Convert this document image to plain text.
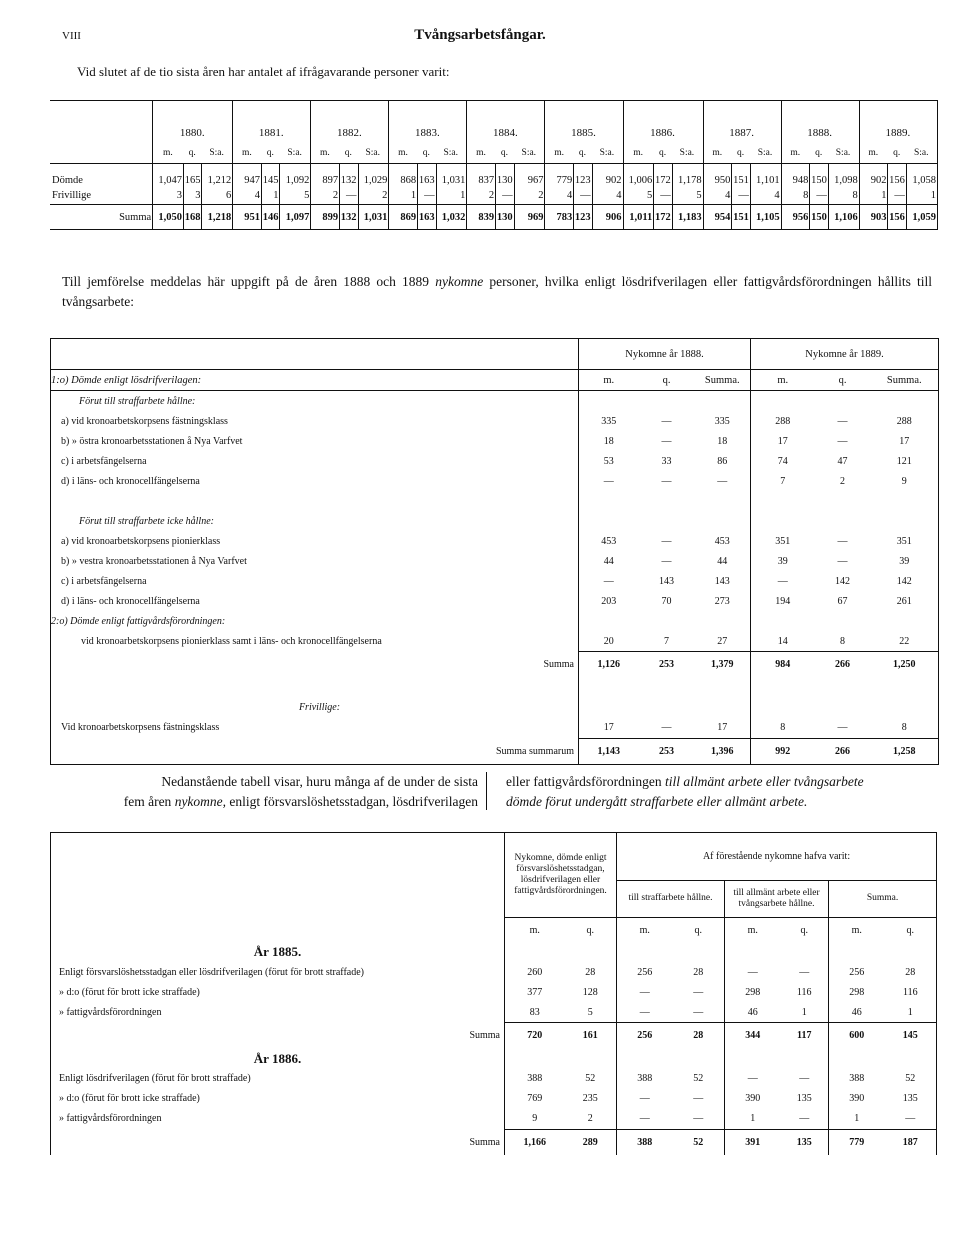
VIII	Tvångsarbetsfångar.
Vid slutet af de tio sista åren har antalet af ifrågavarande personer varit:
	1880.			1881.			1882.			1883.			1884.			1885.			1886.			1887.			1888.			1889.		
	m.	q.	S:a.	m.	q.	S:a.	m.	q.	S:a.	m.	q.	S:a.	m.	q.	S:a.	m.	q.	S:a.	m.	q.	S:a.	m.	q.	S:a.	m.	q.	S:a.	m.	q.	S:a.
Dömde	1,047	165	1,212	947	145	1,092	897	132	1,029	868	163	1,031	837	130	967	779	123	902	1,006	172	1,178	950	151	1,101	948	150	1,098	902	156	1,058
Frivillige	3	3	6	4	1	5	2	—	2	1	—	1	2	—	2	4	—	4	5	—	5	4	—	4	8	—	8	1	—	1
Summa	1,050	168	1,218	951	146	1,097	899	132	1,031	869	163	1,032	839	130	969	783	123	906	1,011	172	1,183	954	151	1,105	956	150	1,106	903	156	1,059
Till jemförelse meddelas här uppgift på de åren 1888 och 1889 nykomne personer, hvilka enligt lösdrifverilagen eller fattigvårdsförordningen hållits till tvångsarbete:
	Nykomne år 1888.			Nykomne år 1889.		
1:o) Dömde enligt lösdrifverilagen:	m.	q.	Summa.	m.	q.	Summa.
Förut till straffarbete hållne:						
a) vid kronoarbetskorpsens fästningsklass	335	—	335	288	—	288
b) » östra kronoarbetsstationen å Nya Varfvet	18	—	18	17	—	17
c) i arbetsfängelserna	53	33	86	74	47	121
d) i läns- och kronocellfängelserna	—	—	—	7	2	9

Förut till straffarbete icke hållne:						
a) vid kronoarbetskorpsens pionierklass	453	—	453	351	—	351
b) » vestra kronoarbetsstationen å Nya Varfvet	44	—	44	39	—	39
c) i arbetsfängelserna	—	143	143	—	142	142
d) i läns- och kronocellfängelserna	203	70	273	194	67	261
2:o) Dömde enligt fattigvårdsförordningen:						
vid kronoarbetskorpsens pionierklass samt i läns- och kronocellfängelserna	20	7	27	14	8	22
Summa	1,126	253	1,379	984	266	1,250

Frivillige:						
Vid kronoarbetskorpsens fästningsklass	17	—	17	8	—	8
Summa summarum	1,143	253	1,396	992	266	1,258
Nedanstående tabell visar, huru många af de under de sista
fem åren nykomne, enligt försvarslöshetsstadgan, lösdrifverilagen
eller fattigvårdsförordningen till allmänt arbete eller tvångsarbete
dömde förut undergått straffarbete eller allmänt arbete.
	Nykomne, dömde enligt försvarslöshetsstadgan, lösdrifverilagen eller fattigvårdsförordningen.		Af förestående nykomne hafva varit:					
			till straffarbete hållne.		till allmänt arbete eller tvångsarbete hållne.		Summa.	
	m.	q.	m.	q.	m.	q.	m.	q.
År 1885.								
Enligt försvarslöshetsstadgan eller lösdrifverilagen (förut för brott straffade)	260	28	256	28	—	—	256	28
» d:o (förut för brott icke straffade)	377	128	—	—	298	116	298	116
» fattigvårdsförordningen	83	5	—	—	46	1	46	1
Summa	720	161	256	28	344	117	600	145
År 1886.								
Enligt lösdrifverilagen (förut för brott straffade)	388	52	388	52	—	—	388	52
» d:o (förut för brott icke straffade)	769	235	—	—	390	135	390	135
» fattigvårdsförordningen	9	2	—	—	1	—	1	—
Summa	1,166	289	388	52	391	135	779	187
